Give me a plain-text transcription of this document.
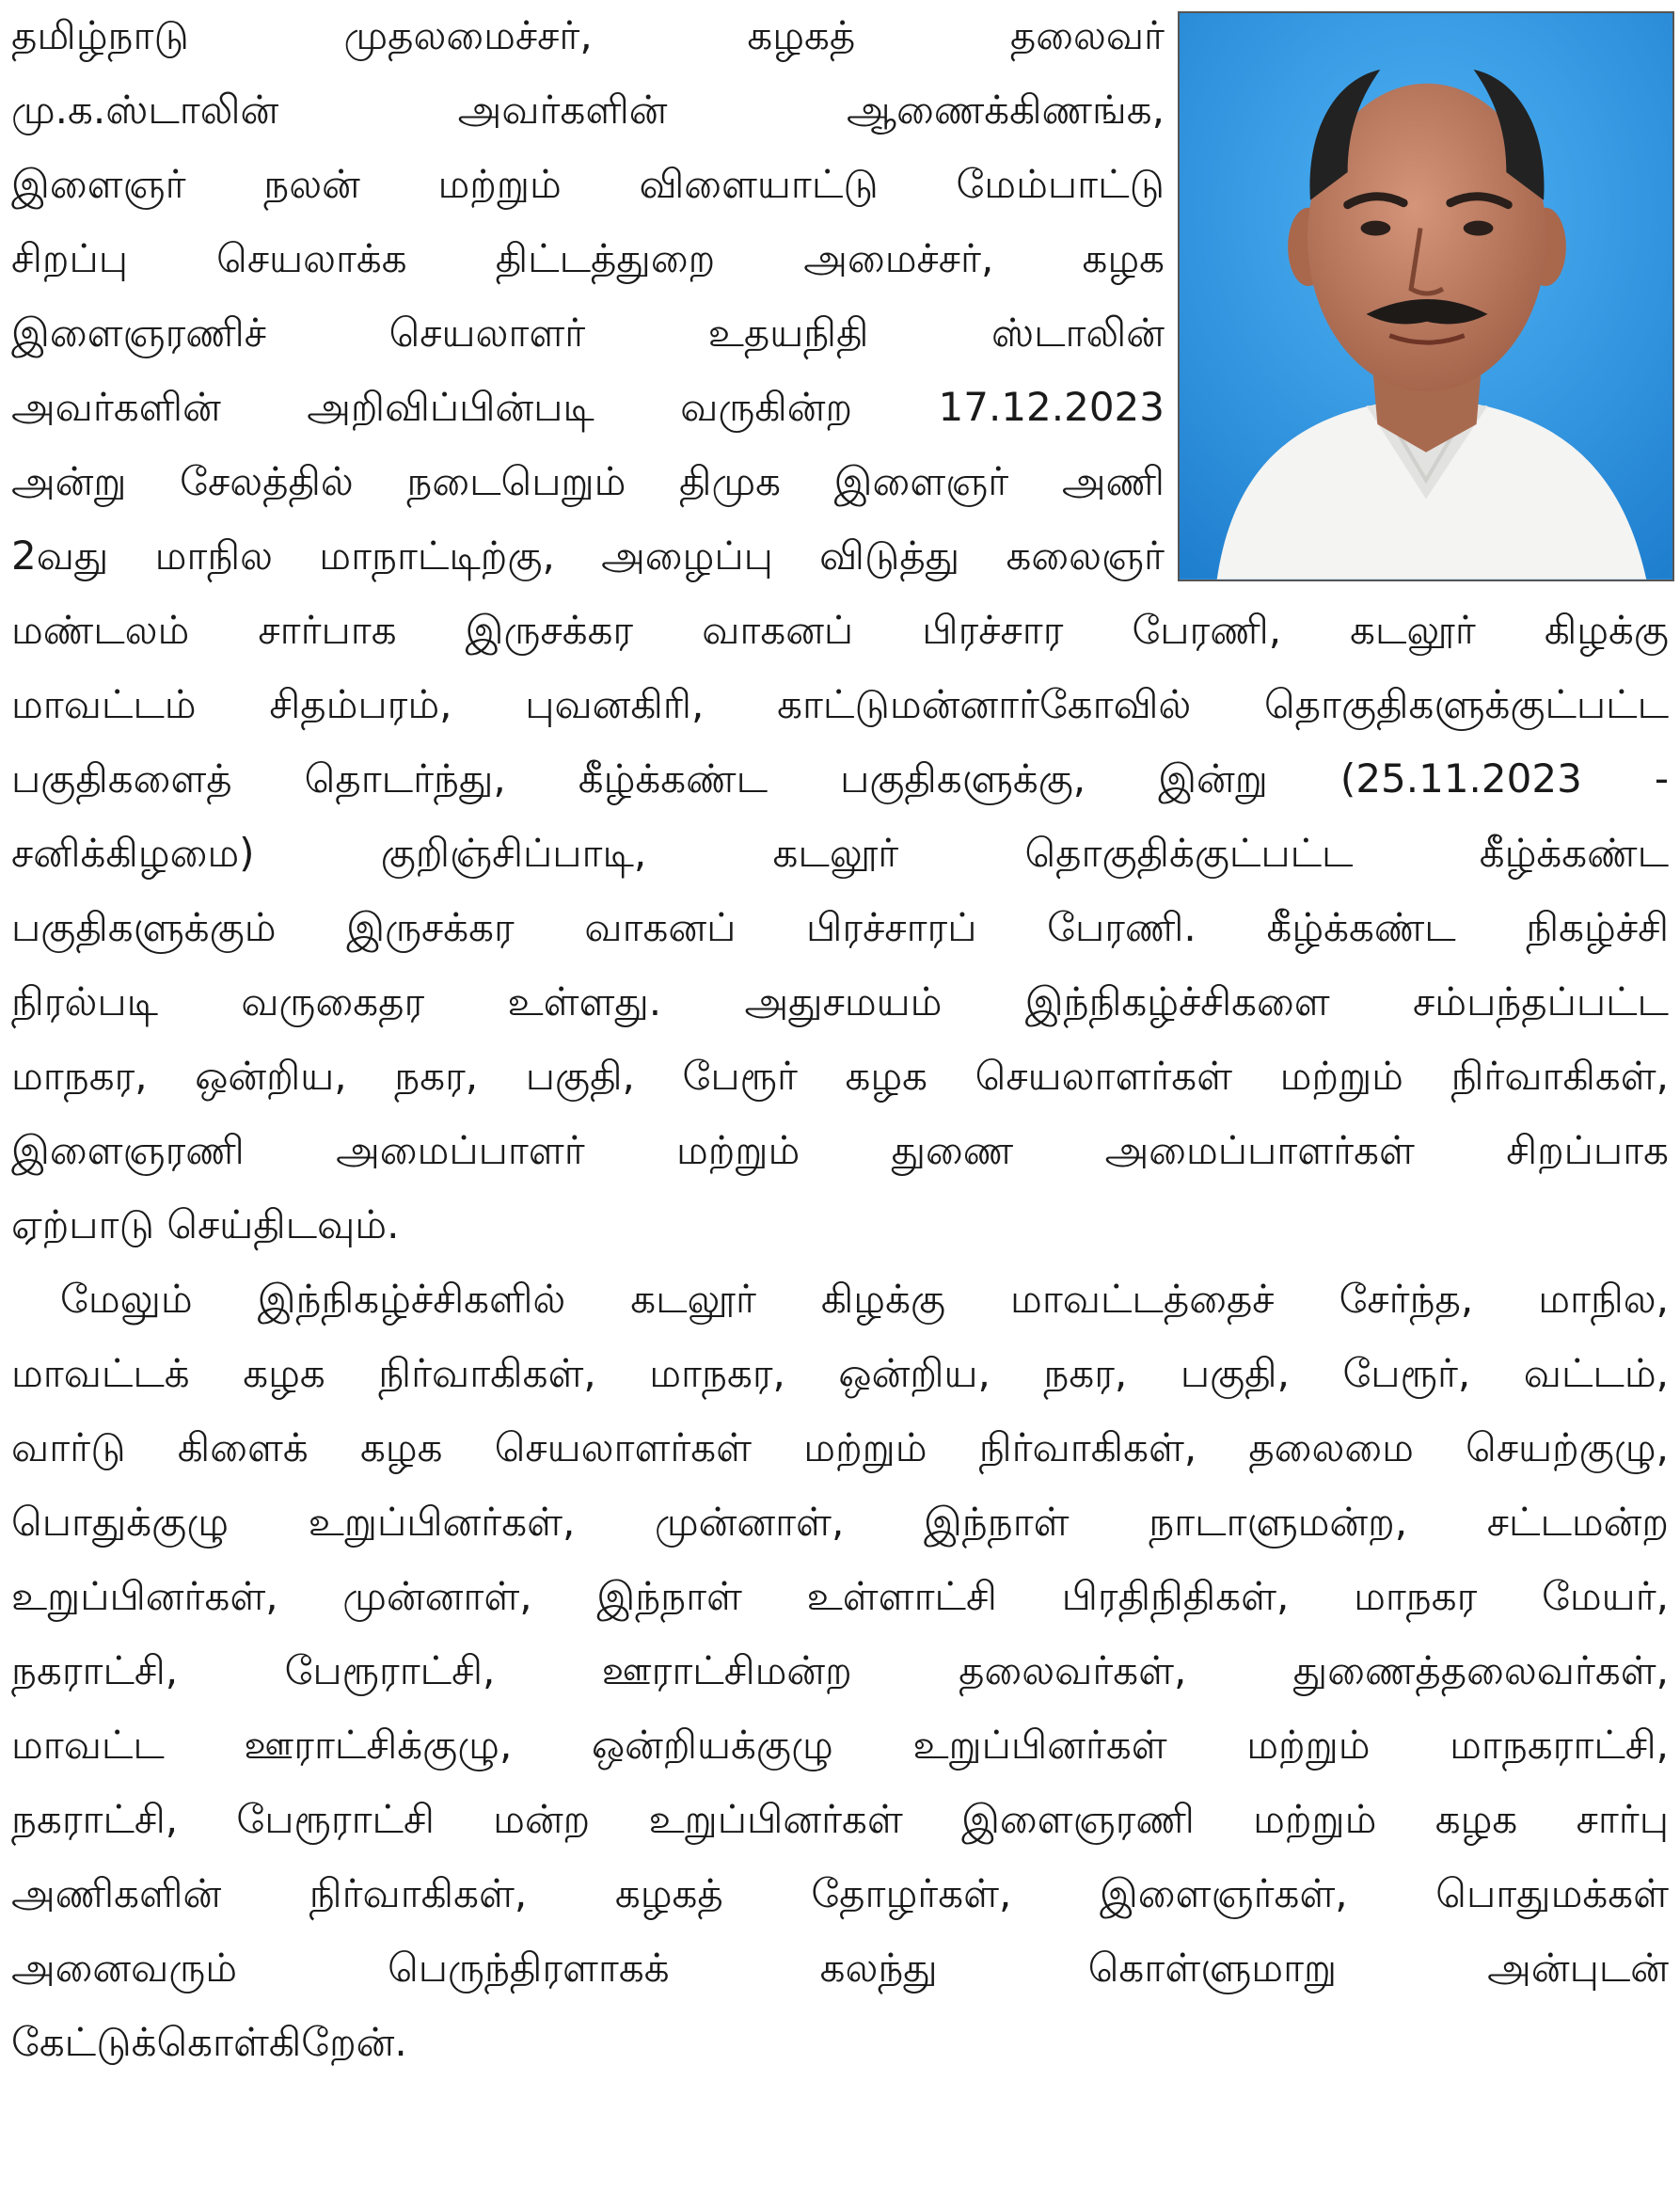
தமிழ்நாடு முதலமைச்சர், கழகத் தலைவர்
மு.க.ஸ்டாலின் அவர்களின் ஆணைக்கிணங்க,
இளைஞர் நலன் மற்றும் விளையாட்டு மேம்பாட்டு
சிறப்பு செயலாக்க திட்டத்துறை அமைச்சர், கழக
இளைஞரணிச் செயலாளர் உதயநிதி ஸ்டாலின்
அவர்களின் அறிவிப்பின்படி வருகின்ற 17.12.2023
அன்று சேலத்தில் நடைபெறும் திமுக இளைஞர் அணி
2வது மாநில மாநாட்டிற்கு, அழைப்பு விடுத்து கலைஞர்
மண்டலம் சார்பாக இருசக்கர வாகனப் பிரச்சார பேரணி, கடலூர் கிழக்கு
மாவட்டம் சிதம்பரம், புவனகிரி, காட்டுமன்னார்கோவில் தொகுதிகளுக்குட்பட்ட
பகுதிகளைத் தொடர்ந்து, கீழ்க்கண்ட பகுதிகளுக்கு, இன்று (25.11.2023 -
சனிக்கிழமை) குறிஞ்சிப்பாடி, கடலூர் தொகுதிக்குட்பட்ட கீழ்க்கண்ட
பகுதிகளுக்கும் இருசக்கர வாகனப் பிரச்சாரப் பேரணி. கீழ்க்கண்ட நிகழ்ச்சி
நிரல்படி வருகைதர உள்ளது. அதுசமயம் இந்நிகழ்ச்சிகளை சம்பந்தப்பட்ட
மாநகர, ஒன்றிய, நகர, பகுதி, பேரூர் கழக செயலாளர்கள் மற்றும் நிர்வாகிகள்,
இளைஞரணி அமைப்பாளர் மற்றும் துணை அமைப்பாளர்கள் சிறப்பாக
ஏற்பாடு செய்திடவும்.
மேலும் இந்நிகழ்ச்சிகளில் கடலூர் கிழக்கு மாவட்டத்தைச் சேர்ந்த, மாநில,
மாவட்டக் கழக நிர்வாகிகள், மாநகர, ஒன்றிய, நகர, பகுதி, பேரூர், வட்டம்,
வார்டு கிளைக் கழக செயலாளர்கள் மற்றும் நிர்வாகிகள், தலைமை செயற்குழு,
பொதுக்குழு உறுப்பினர்கள், முன்னாள், இந்நாள் நாடாளுமன்ற, சட்டமன்ற
உறுப்பினர்கள், முன்னாள், இந்நாள் உள்ளாட்சி பிரதிநிதிகள், மாநகர மேயர்,
நகராட்சி, பேரூராட்சி, ஊராட்சிமன்ற தலைவர்கள், துணைத்தலைவர்கள்,
மாவட்ட ஊராட்சிக்குழு, ஒன்றியக்குழு உறுப்பினர்கள் மற்றும் மாநகராட்சி,
நகராட்சி, பேரூராட்சி மன்ற உறுப்பினர்கள் இளைஞரணி மற்றும் கழக சார்பு
அணிகளின் நிர்வாகிகள், கழகத் தோழர்கள், இளைஞர்கள், பொதுமக்கள்
அனைவரும் பெருந்திரளாகக் கலந்து கொள்ளுமாறு அன்புடன்
கேட்டுக்கொள்கிறேன்.
